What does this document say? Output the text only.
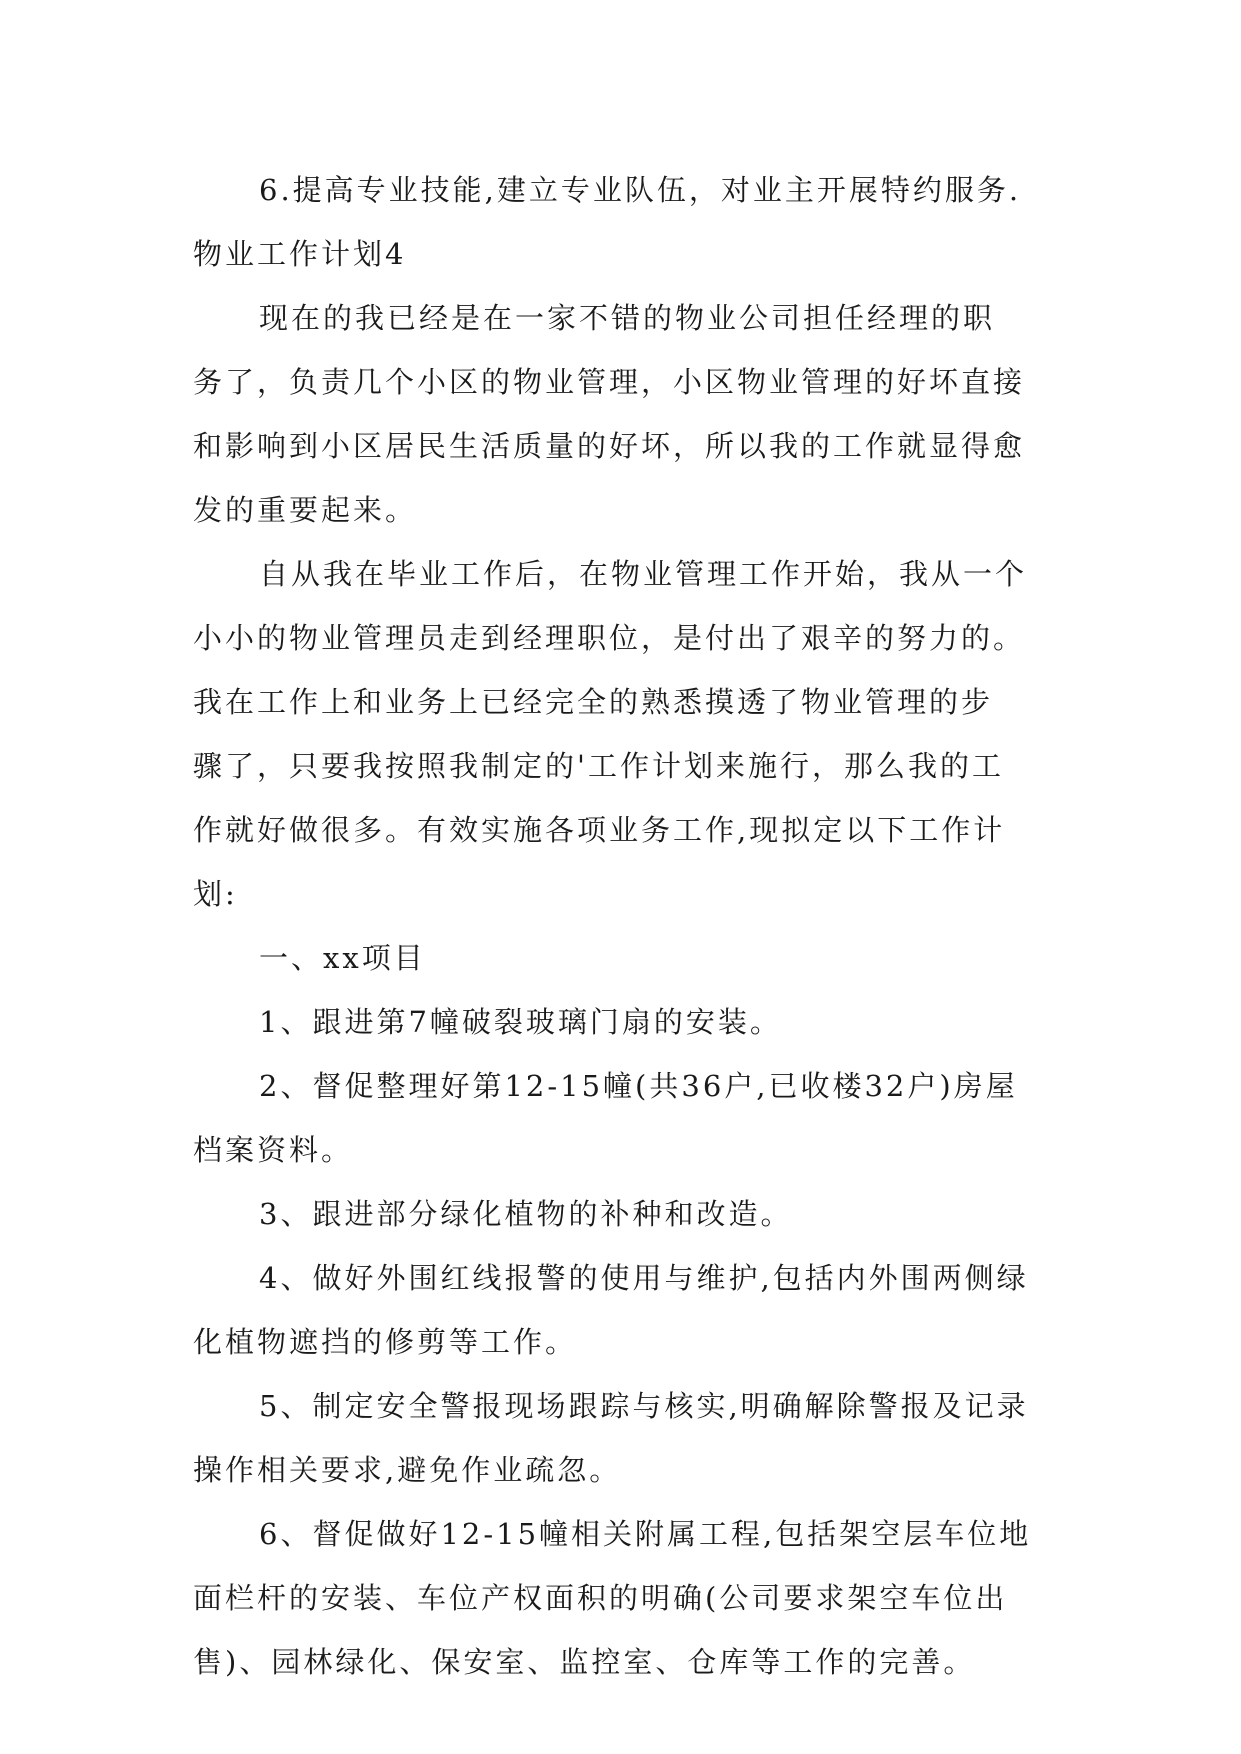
6.提高专业技能,建立专业队伍，对业主开展特约服务.
物业工作计划4
现在的我已经是在一家不错的物业公司担任经理的职
务了，负责几个小区的物业管理，小区物业管理的好坏直接
和影响到小区居民生活质量的好坏，所以我的工作就显得愈
发的重要起来。
自从我在毕业工作后，在物业管理工作开始，我从一个
小小的物业管理员走到经理职位，是付出了艰辛的努力的。
我在工作上和业务上已经完全的熟悉摸透了物业管理的步
骤了，只要我按照我制定的'工作计划来施行，那么我的工
作就好做很多。有效实施各项业务工作,现拟定以下工作计
划:
一、xx项目
1、跟进第7幢破裂玻璃门扇的安装。
2、督促整理好第12-15幢(共36户,已收楼32户)房屋
档案资料。
3、跟进部分绿化植物的补种和改造。
4、做好外围红线报警的使用与维护,包括内外围两侧绿
化植物遮挡的修剪等工作。
5、制定安全警报现场跟踪与核实,明确解除警报及记录
操作相关要求,避免作业疏忽。
6、督促做好12-15幢相关附属工程,包括架空层车位地
面栏杆的安装、车位产权面积的明确(公司要求架空车位出
售)、园林绿化、保安室、监控室、仓库等工作的完善。
